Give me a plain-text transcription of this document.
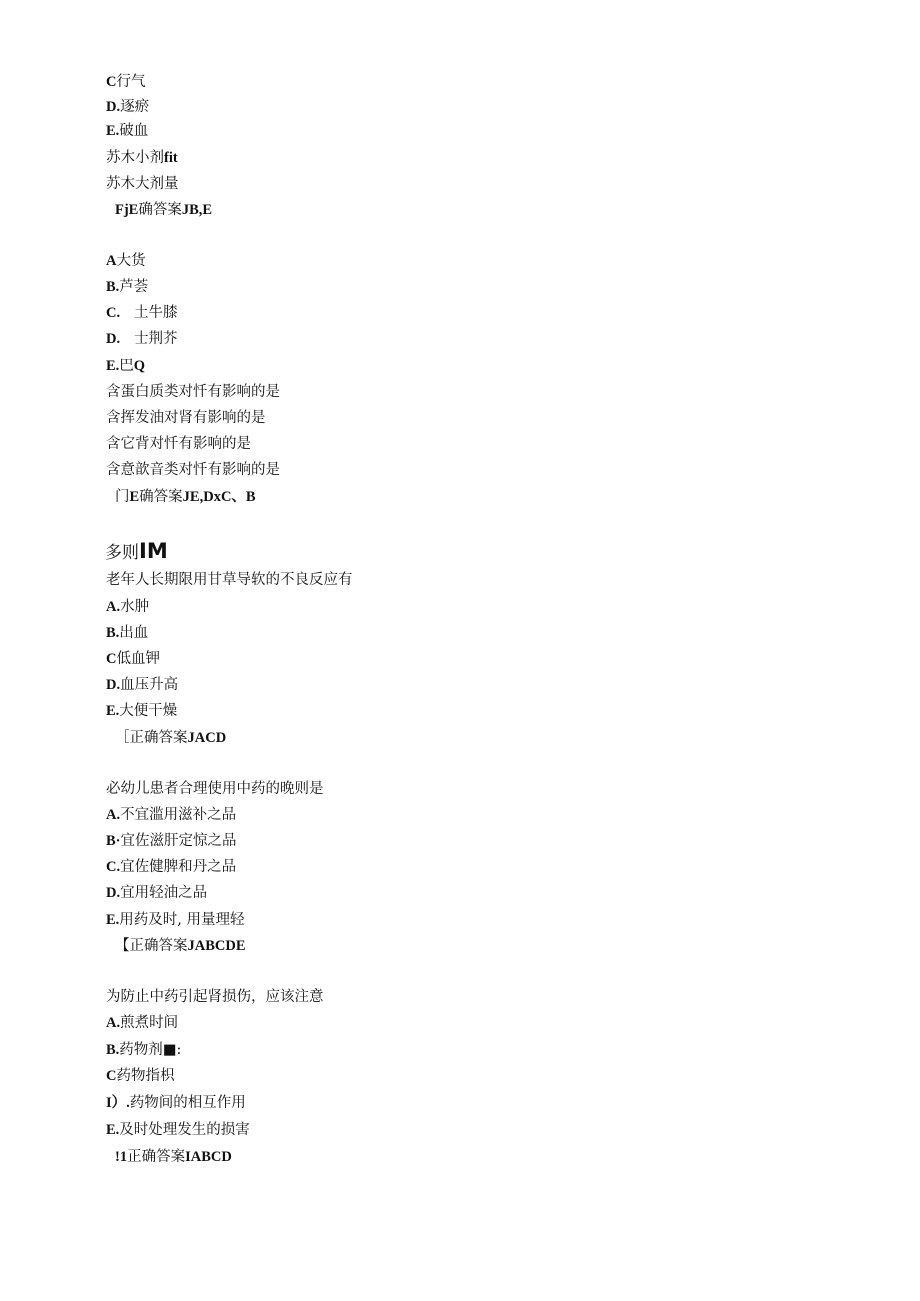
C行气
D.逐瘀
E.破血
苏木小剂fit
苏木大剂量
FjE确答案JB,E
A大货
B.芦荟
C. 土牛膝
D. 士荆芥
E.巴Q
含蛋白质类对忏有影响的是
含挥发油对肾有影响的是
含它背对忏有影响的是
含意歆音类对忏有影响的是
门E确答案JE,DxC、B
多则IM
老年人长期限用甘草导软的不良反应有
A.水肿
B.出血
C低血钾
D.血压升高
E.大便干燥
［正确答案JACD
必幼儿患者合理使用中药的晚则是
A.不宜滥用滋补之品
B·宜佐滋肝定惊之品
C.宜佐健脾和丹之品
D.宜用轻油之品
E.用药及时, 用量理轻
【正确答案JABCDE
为防止中药引起肾损伤，应该注意
A.煎煮时间
B.药物剂■:
C药物指枳
I）.药物间的相互作用
E.及时处理发生的损害
!1正确答案IABCD
